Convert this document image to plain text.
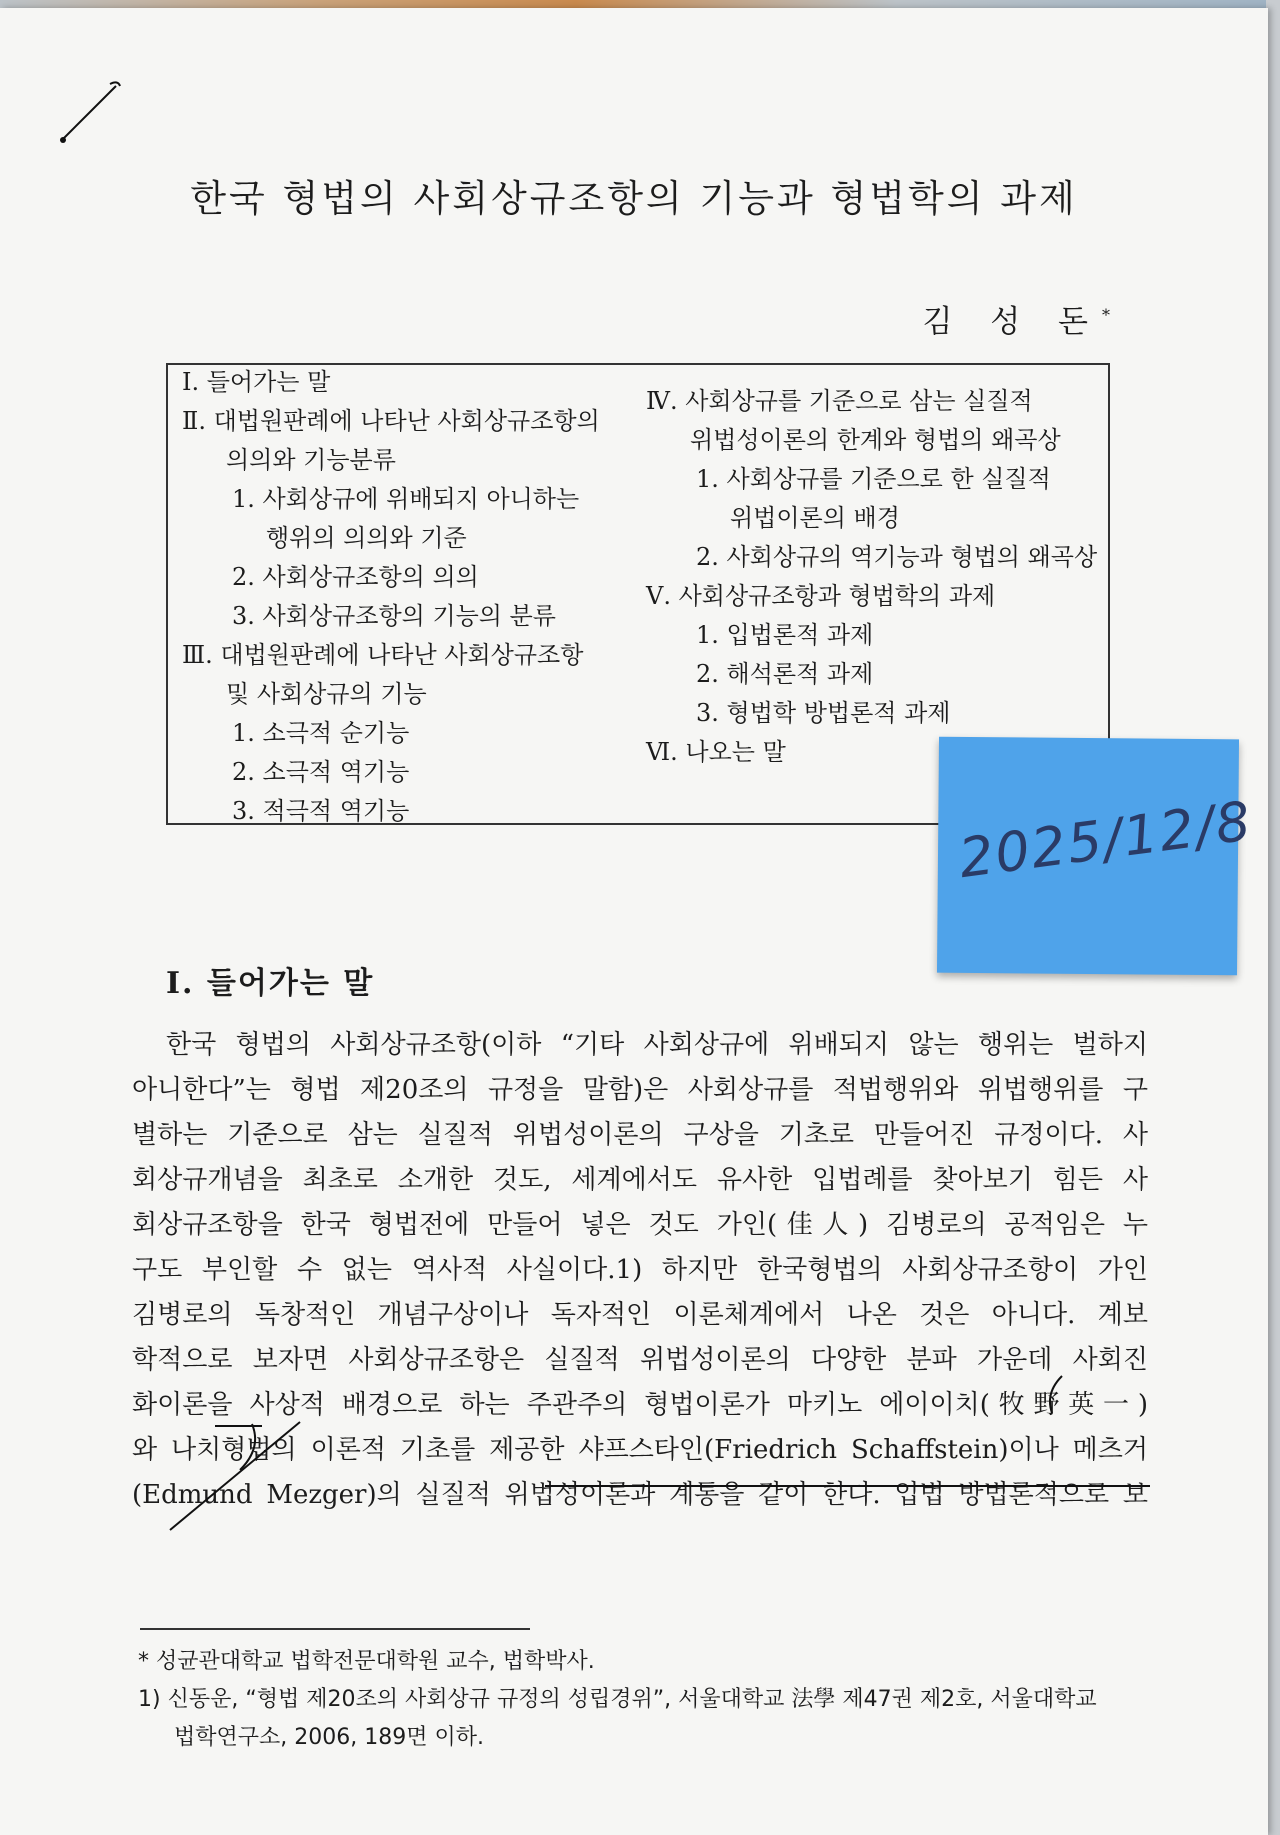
한국 형법의 사회상규조항의 기능과 형법학의 과제
김 성 돈*
Ⅰ. 들어가는 말
Ⅱ. 대법원판례에 나타난 사회상규조항의
의의와 기능분류
1. 사회상규에 위배되지 아니하는
행위의 의의와 기준
2. 사회상규조항의 의의
3. 사회상규조항의 기능의 분류
Ⅲ. 대법원판례에 나타난 사회상규조항
및 사회상규의 기능
1. 소극적 순기능
2. 소극적 역기능
3. 적극적 역기능
Ⅳ. 사회상규를 기준으로 삼는 실질적
위법성이론의 한계와 형법의 왜곡상
1. 사회상규를 기준으로 한 실질적
위법이론의 배경
2. 사회상규의 역기능과 형법의 왜곡상
Ⅴ. 사회상규조항과 형법학의 과제
1. 입법론적 과제
2. 해석론적 과제
3. 형법학 방법론적 과제
Ⅵ. 나오는 말
Ⅰ. 들어가는 말
한국 형법의 사회상규조항(이하 “기타 사회상규에 위배되지 않는 행위는 벌하지
아니한다”는 형법 제20조의 규정을 말함)은 사회상규를 적법행위와 위법행위를 구
별하는 기준으로 삼는 실질적 위법성이론의 구상을 기초로 만들어진 규정이다. 사
회상규개념을 최초로 소개한 것도, 세계에서도 유사한 입법례를 찾아보기 힘든 사
회상규조항을 한국 형법전에 만들어 넣은 것도 가인(佳人) 김병로의 공적임은 누
구도 부인할 수 없는 역사적 사실이다.1) 하지만 한국형법의 사회상규조항이 가인
김병로의 독창적인 개념구상이나 독자적인 이론체계에서 나온 것은 아니다. 계보
학적으로 보자면 사회상규조항은 실질적 위법성이론의 다양한 분파 가운데 사회진
화이론을 사상적 배경으로 하는 주관주의 형법이론가 마키노 에이이치(牧野英一)
와 나치형법의 이론적 기초를 제공한 샤프스타인(Friedrich Schaffstein)이나 메츠거
(Edmund Mezger)의 실질적 위법성이론과 계통을 같이 한다. 입법 방법론적으로 보
* 성균관대학교 법학전문대학원 교수, 법학박사.
1) 신동운, “형법 제20조의 사회상규 규정의 성립경위”, 서울대학교 法學 제47권 제2호, 서울대학교
법학연구소, 2006, 189면 이하.
2025/12/8
